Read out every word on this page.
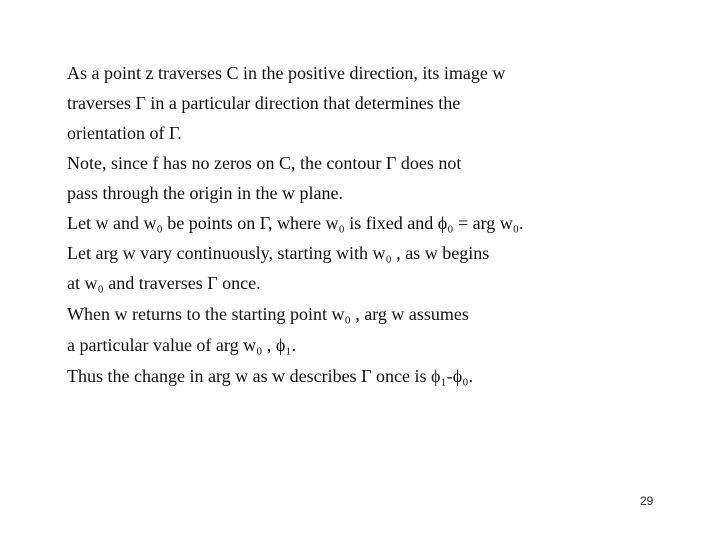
As a point z traverses C in the positive direction, its image w
traverses Γ in a particular direction that determines the
orientation of Γ.
Note, since f has no zeros on C, the contour Γ does not
pass through the origin in the w plane.
Let w and w₀ be points on Γ, where w₀ is fixed and ϕ₀ = arg w₀.
Let arg w vary continuously, starting with w₀ , as w begins
at w₀ and traverses Γ once.
When w returns to the starting point w₀ , arg w assumes
a particular value of arg w₀ , ϕ₁.
Thus the change in arg w as w describes Γ once is ϕ₁-ϕ₀.
29
